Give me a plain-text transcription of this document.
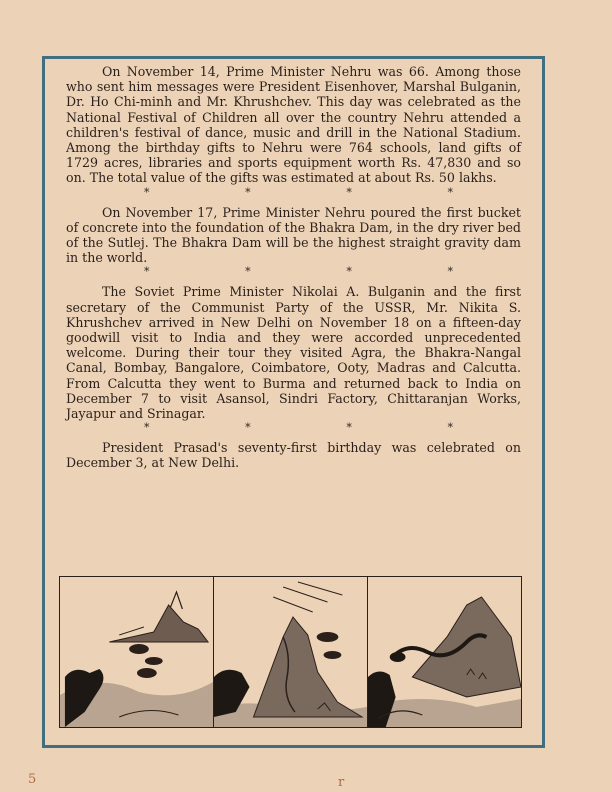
On November 14, Prime Minister Nehru was 66. Among those who sent him messages were President Eisenhover, Marshal Bulganin, Dr. Ho Chi-minh and Mr. Khrushchev. This day was celebrated as the National Festival of Children all over the country Nehru attended a children's festival of dance, music and drill in the National Stadium. Among the birthday gifts to Nehru were 764 schools, land gifts of 1729 acres, libraries and sports equipment worth Rs. 47,830 and so on. The total value of the gifts was estimated at about Rs. 50 lakhs.

*	*	*	*

On November 17, Prime Minister Nehru poured the first bucket of concrete into the foundation of the Bhakra Dam, in the dry river bed of the Sutlej. The Bhakra Dam will be the highest straight gravity dam in the world.

*	*	*	*

The Soviet Prime Minister Nikolai A. Bulganin and the first secretary of the Communist Party of the USSR, Mr. Nikita S. Khrushchev arrived in New Delhi on November 18 on a fifteen-day goodwill visit to India and they were accorded unprecedented welcome. During their tour they visited Agra, the Bhakra-Nangal Canal, Bombay, Bangalore, Coimbatore, Ooty, Madras and Calcutta. From Calcutta they went to Burma and returned back to India on December 7 to visit Asansol, Sindri Factory, Chittaranjan Works, Jayapur and Srinagar.

*	*	*	*

President Prasad's seventy-first birthday was celebrated on December 3, at New Delhi.

5	r
